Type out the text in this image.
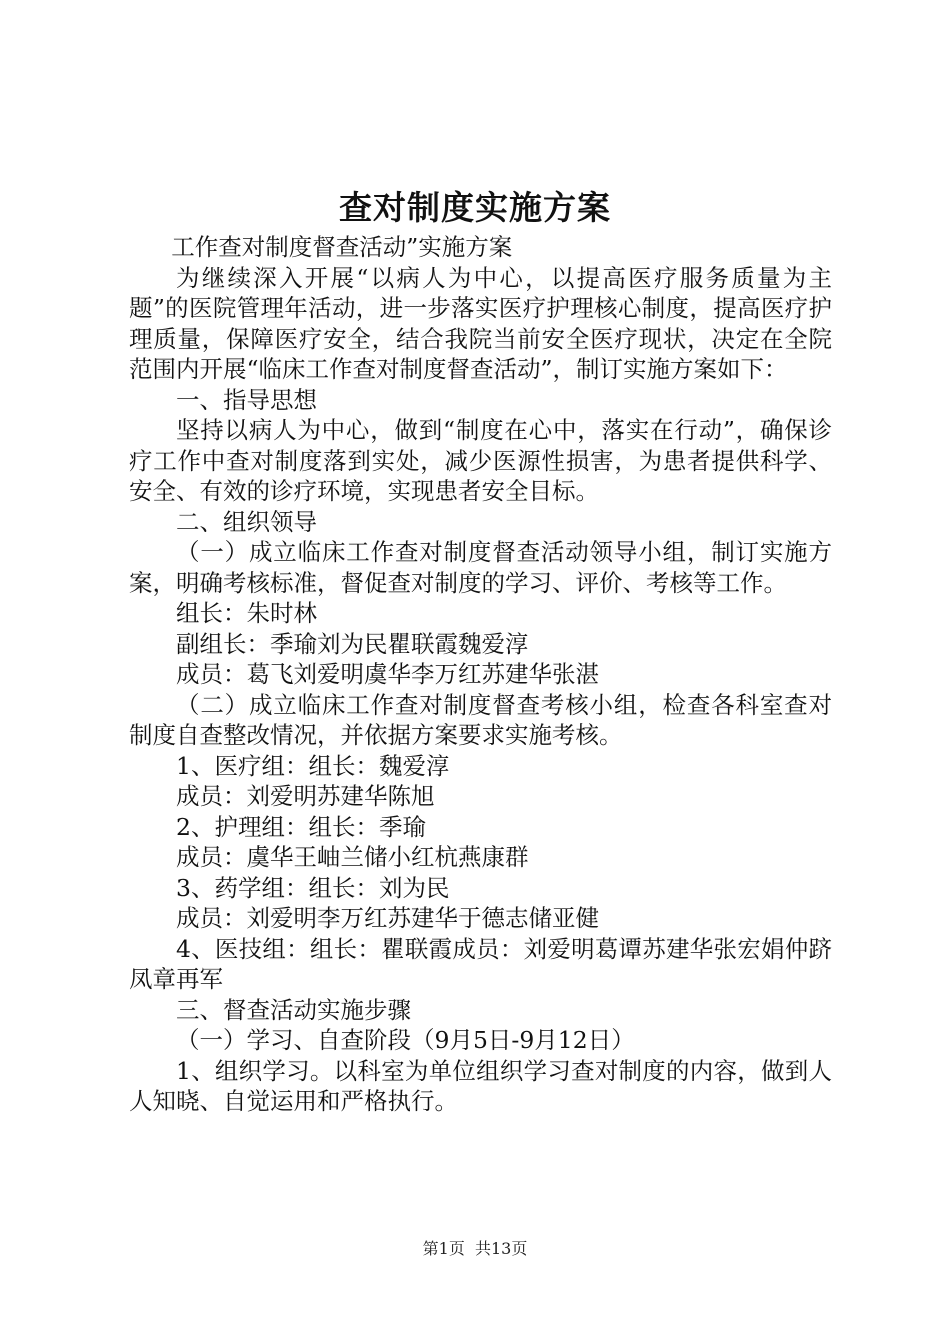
查对制度实施方案

工作查对制度督查活动”实施方案

为继续深入开展“以病人为中心，以提高医疗服务质量为主题”的医院管理年活动，进一步落实医疗护理核心制度，提高医疗护理质量，保障医疗安全，结合我院当前安全医疗现状，决定在全院范围内开展“临床工作查对制度督查活动”，制订实施方案如下：

一、指导思想

坚持以病人为中心，做到“制度在心中，落实在行动”，确保诊疗工作中查对制度落到实处，减少医源性损害，为患者提供科学、安全、有效的诊疗环境，实现患者安全目标。

二、组织领导

（一）成立临床工作查对制度督查活动领导小组，制订实施方案，明确考核标准，督促查对制度的学习、评价、考核等工作。

组长：朱时林

副组长：季瑜刘为民瞿联霞魏爱淳

成员：葛飞刘爱明虞华李万红苏建华张湛

（二）成立临床工作查对制度督查考核小组，检查各科室查对制度自查整改情况，并依据方案要求实施考核。

1、医疗组：组长：魏爱淳

成员：刘爱明苏建华陈旭

2、护理组：组长：季瑜

成员：虞华王岫兰储小红杭燕康群

3、药学组：组长：刘为民

成员：刘爱明李万红苏建华于德志储亚健

4、医技组：组长：瞿联霞成员：刘爱明葛谭苏建华张宏娟仲跻凤章再军

三、督查活动实施步骤

（一）学习、自查阶段（9月5日-9月12日）

1、组织学习。以科室为单位组织学习查对制度的内容，做到人人知晓、自觉运用和严格执行。

第1页  共13页
